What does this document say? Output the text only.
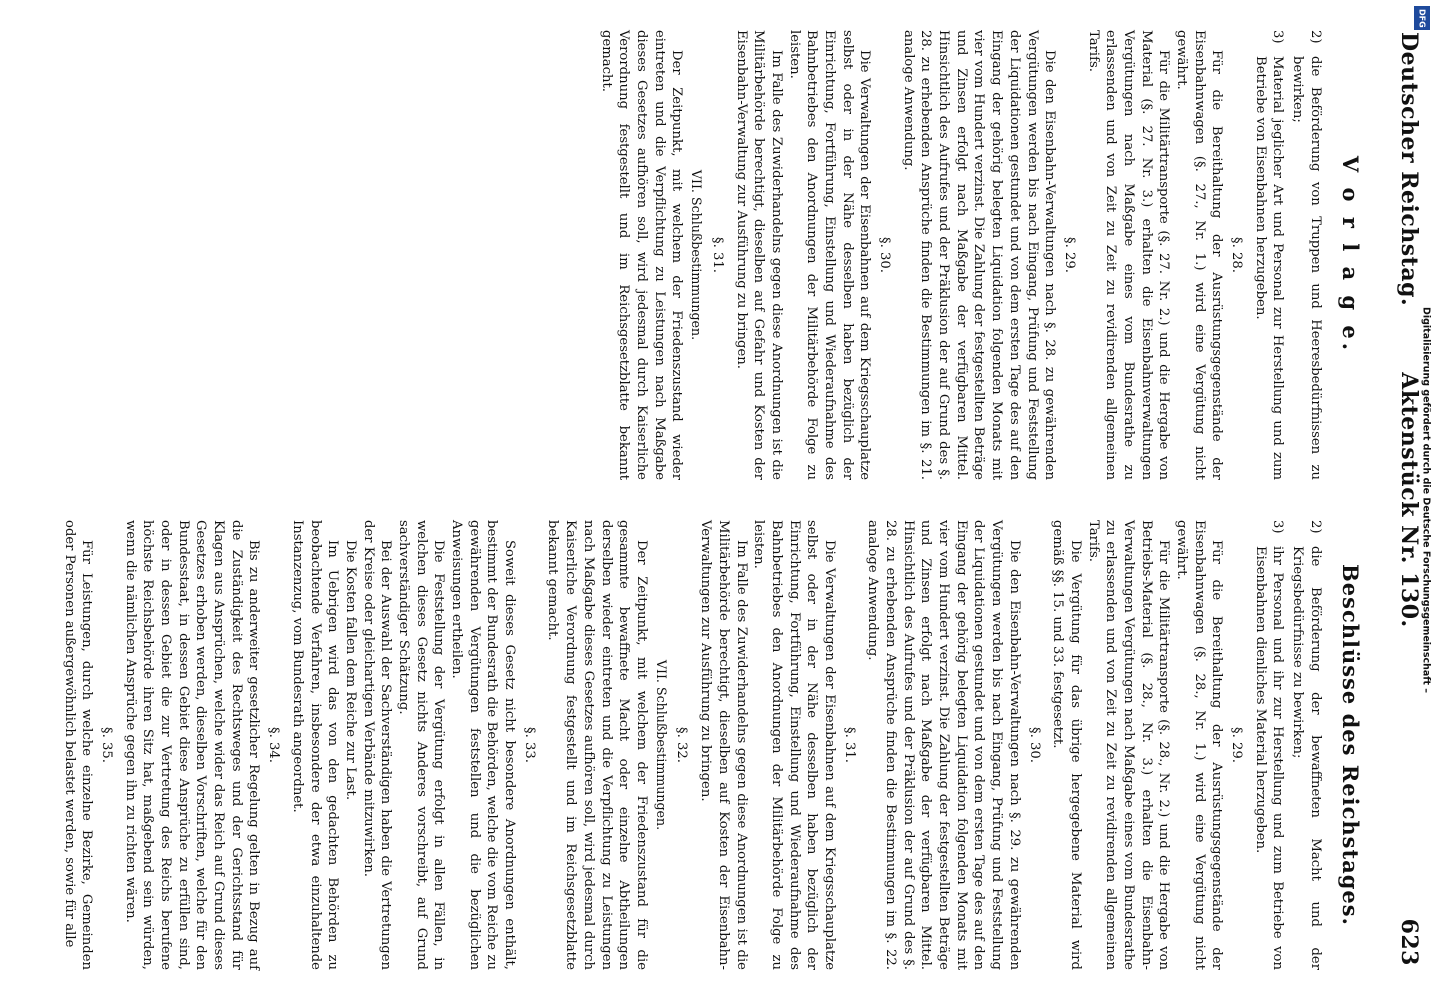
Deutscher Reichstag.
Aktenstück Nr. 130.
623
V o r l a g e.
2)
die Beförderung von Truppen und Heeresbedürfnissen zu bewirken;
3)
Material jeglicher Art und Personal zur Herstellung und zum Betriebe von Eisenbahnen herzugeben.
§. 28.

Für die Bereithaltung der Ausrüstungsgegenstände der Eisenbahnwagen (§. 27., Nr. 1.) wird eine Vergütung nicht gewährt.

Für die Militärtransporte (§. 27. Nr. 2.) und die Hergabe von Material (§. 27. Nr. 3.) erhalten die Eisenbahnverwaltungen Vergütungen nach Maßgabe eines vom Bundesrathe zu erlassenden und von Zeit zu Zeit zu revidirenden allgemeinen Tarifs.

§. 29.

Die den Eisenbahn-Verwaltungen nach §. 28. zu gewährenden Vergütungen werden bis nach Eingang, Prüfung und Feststellung der Liquidationen gestundet und von dem ersten Tage des auf den Eingang der gehörig belegten Liquidation folgenden Monats mit vier vom Hundert verzinst. Die Zahlung der festgestellten Beträge und Zinsen erfolgt nach Maßgabe der verfügbaren Mittel. Hinsichtlich des Aufrufes und der Präklusion der auf Grund des §. 28. zu erhebenden Ansprüche finden die Bestimmungen im §. 21. analoge Anwendung.

§. 30.

Die Verwaltungen der Eisenbahnen auf dem Kriegsschauplatze selbst oder in der Nähe desselben haben bezüglich der Einrichtung, Fortführung, Einstellung und Wiederaufnahme des Bahnbetriebes den Anordnungen der Militärbehörde Folge zu leisten.

Im Falle des Zuwiderhandelns gegen diese Anordnungen ist die Militärbehörde berechtigt, dieselben auf Gefahr und Kosten der Eisenbahn-Verwaltung zur Ausführung zu bringen.

§. 31.
VII. Schlußbestimmungen.

Der Zeitpunkt, mit welchem der Friedenszustand wieder eintreten und die Verpflichtung zu Leistungen nach Maßgabe dieses Gesetzes aufhören soll, wird jedesmal durch Kaiserliche Verordnung festgestellt und im Reichsgesetzblatte bekannt gemacht.

Beschlüsse des Reichstages.
2)
die Beförderung der bewaffneten Macht und der Kriegsbedürfnisse zu bewirken;
3)
ihr Personal und ihr zur Herstellung und zum Betriebe von Eisenbahnen dienliches Material herzugeben.
§. 29.

Für die Bereithaltung der Ausrüstungsgegenstände der Eisenbahnwagen (§. 28., Nr. 1.) wird eine Vergütung nicht gewährt.

Für die Militärtransporte (§. 28., Nr. 2.) und die Hergabe von Betriebs-Material (§. 28., Nr. 3.) erhalten die Eisenbahn-Verwaltungen Vergütungen nach Maßgabe eines vom Bundesrathe zu erlassenden und von Zeit zu Zeit zu revidirenden allgemeinen Tarifs.

Die Vergütung für das übrige hergegebene Material wird gemäß §§. 15. und 33. festgesetzt.

§. 30.

Die den Eisenbahn-Verwaltungen nach §. 29. zu gewährenden Vergütungen werden bis nach Eingang, Prüfung und Feststellung der Liquidationen gestundet und von dem ersten Tage des auf den Eingang der gehörig belegten Liquidation folgenden Monats mit vier vom Hundert verzinst. Die Zahlung der festgestellten Beträge und Zinsen erfolgt nach Maßgabe der verfügbaren Mittel. Hinsichtlich des Aufrufes und der Präklusion der auf Grund des §. 28. zu erhebenden Ansprüche finden die Bestimmungen im §. 22. analoge Anwendung.

§. 31.

Die Verwaltungen der Eisenbahnen auf dem Kriegsschauplatze selbst oder in der Nähe desselben haben bezüglich der Einrichtung, Fortführung, Einstellung und Wiederaufnahme des Bahnbetriebes den Anordnungen der Militärbehörde Folge zu leisten.

Im Falle des Zuwiderhandelns gegen diese Anordnungen ist die Militärbehörde berechtigt, dieselben auf Kosten der Eisenbahn-Verwaltungen zur Ausführung zu bringen.

§. 32.
VII. Schlußbestimmungen.

Der Zeitpunkt, mit welchem der Friedenszustand für die gesammte bewaffnete Macht oder einzelne Abtheilungen derselben wieder eintreten und die Verpflichtung zu Leistungen nach Maßgabe dieses Gesetzes aufhören soll, wird jedesmal durch Kaiserliche Verordnung festgestellt und im Reichsgesetzblatte bekannt gemacht.

§. 33.

Soweit dieses Gesetz nicht besondere Anordnungen enthält, bestimmt der Bundesrath die Behörden, welche die vom Reiche zu gewährenden Vergütungen feststellen und die bezüglichen Anweisungen ertheilen.

Die Feststellung der Vergütung erfolgt in allen Fällen, in welchen dieses Gesetz nichts Anderes vorschreibt, auf Grund sachverständiger Schätzung.

Bei der Auswahl der Sachverständigen haben die Vertretungen der Kreise oder gleichartigen Verbände mitzuwirken.

Die Kosten fallen dem Reiche zur Last.

Im Uebrigen wird das von den gedachten Behörden zu beobachtende Verfahren, insbesondere der etwa einzuhaltende Instanzenzug, vom Bundesrath angeordnet.

§. 34.

Bis zu anderweiter gesetzlicher Regelung gelten in Bezug auf die Zuständigkeit des Rechtsweges und der Gerichtsstand für Klagen aus Ansprüchen, welche wider das Reich auf Grund dieses Gesetzes erhoben werden, dieselben Vorschriften, welche für den Bundesstaat, in dessen Gebiet diese Ansprüche zu erfüllen sind, oder in dessen Gebiet die zur Vertretung des Reichs berufene höchste Reichsbehörde ihren Sitz hat, maßgebend sein würden, wenn die nämlichen Ansprüche gegen ihn zu richten wären.

§. 35.

Für Leistungen, durch welche einzelne Bezirke, Gemeinden oder Personen außergewöhnlich belastet werden, sowie für alle

Digitalisierung gefördert durch die Deutsche Forschungsgemeinschaft –
DFG
